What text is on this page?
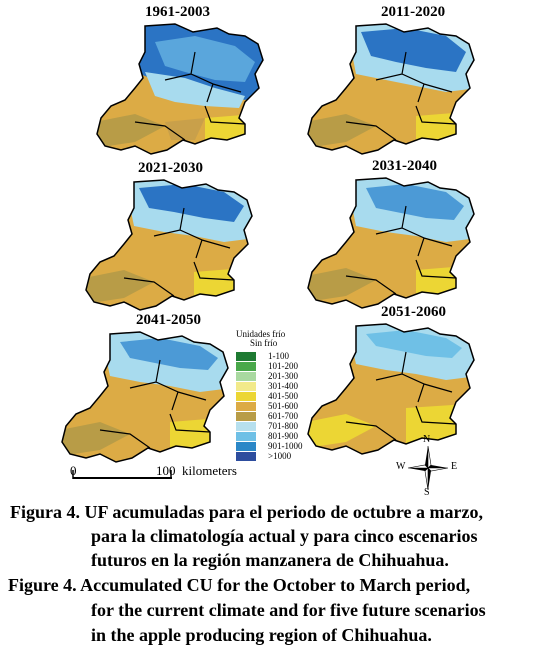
1961-2003	2011-2020
2021-2030	2031-2040
2041-2050	2051-2060
Unidades frío
Sin frío
1-100
101-200
201-300
301-400
401-500
501-600
601-700
701-800
801-900
901-1000
>1000
0	100 kilometers
N
S
E
W
Figura 4. UF acumuladas para el periodo de octubre a marzo,
para la climatología actual y para cinco escenarios
futuros en la región manzanera de Chihuahua.
Figure 4. Accumulated CU for the October to March period,
for the current climate and for five future scenarios
in the apple producing region of Chihuahua.
